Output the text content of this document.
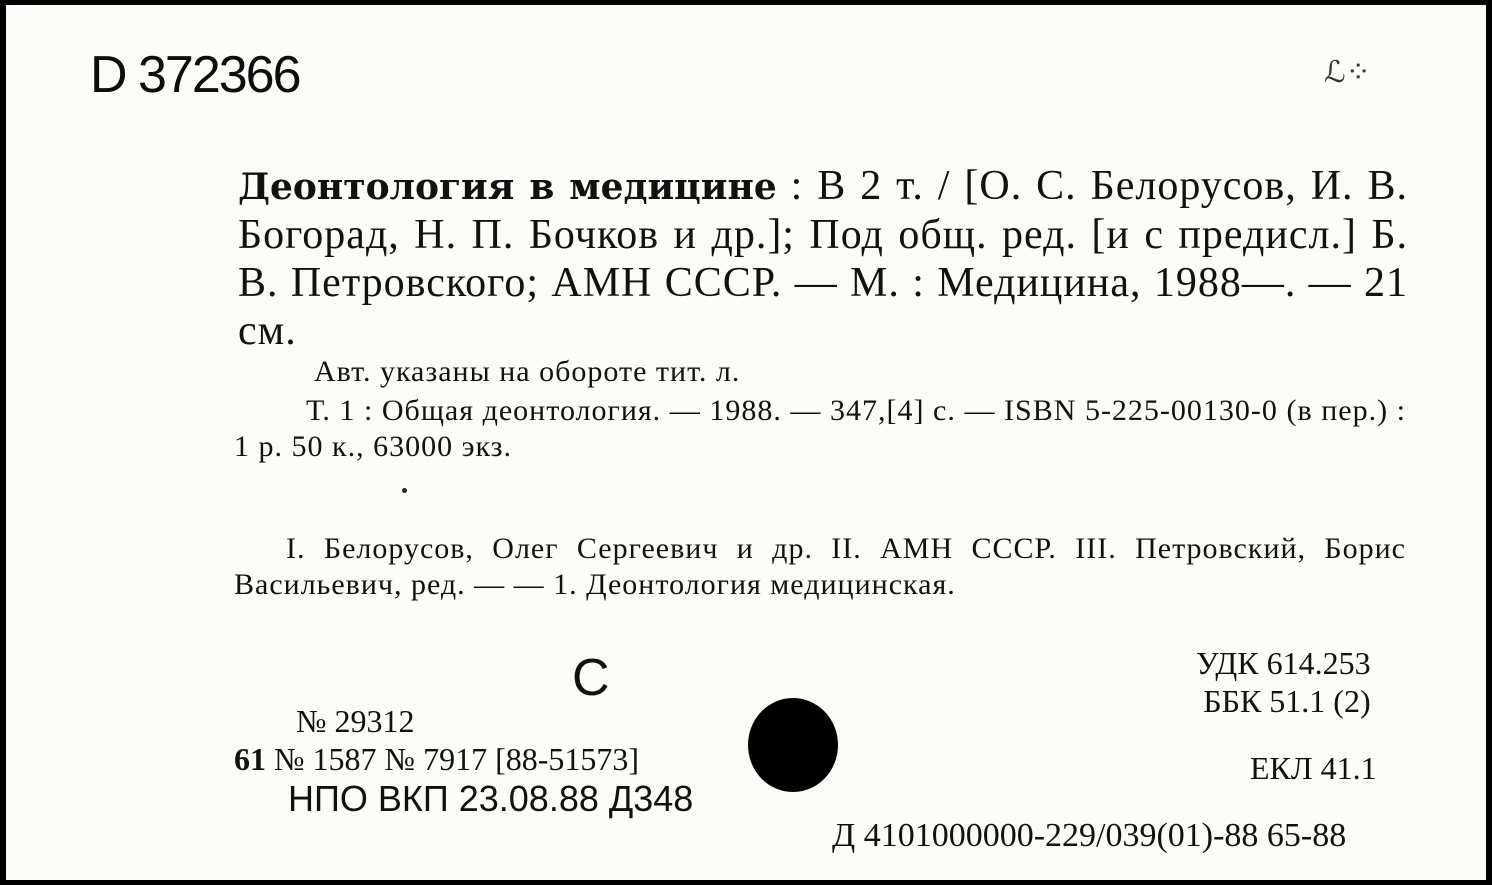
D 372366	ℒ⁘
Деонтология в медицине : В 2 т. / [О. С. Белорусов, И. В. Богорад, Н. П. Бочков и др.]; Под общ. ред. [и с предисл.] Б. В. Петровского; АМН СССР. — М. : Медицина, 1988—. — 21 см.
Авт. указаны на обороте тит. л.
Т. 1 : Общая деонтология. — 1988. — 347,[4] с. — ISBN 5-225-00130-0 (в пер.) : 1 р. 50 к., 63000 экз.
I. Белорусов, Олег Сергеевич и др. II. АМН СССР. III. Петровский, Борис Васильевич, ред. — — 1. Деонтология медицинская.
С
№ 29312
61 № 1587 № 7917 [88-51573]
НПО ВКП 23.08.88 Д348
УДК 614.253
ББК 51.1 (2)
ЕКЛ 41.1
Д 4101000000-229/039(01)-88 65-88
